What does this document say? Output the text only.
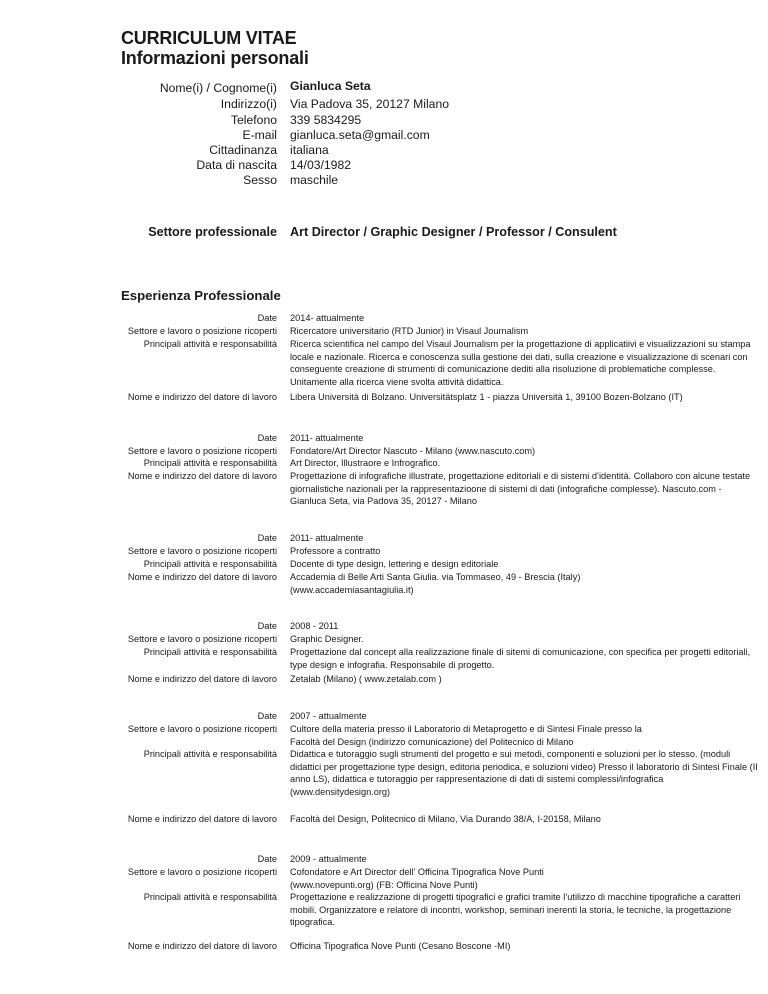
CURRICULUM VITAE
Informazioni personali
Nome(i) / Cognome(i) Gianluca Seta
Indirizzo(i) Via Padova 35, 20127 Milano
Telefono 339 5834295
E-mail gianluca.seta@gmail.com
Cittadinanza italiana
Data di nascita 14/03/1982
Sesso maschile
Settore professionale Art Director / Graphic Designer / Professor / Consulent
Esperienza Professionale
Date 2014- attualmente
Settore e lavoro o posizione ricoperti Ricercatore universitario (RTD Junior) in Visaul Journalism
Principali attività e responsabilità Ricerca scientifica nel campo del Visaul Journalism per la progettazione di applicatiivi e visualizzazioni su stampa locale e nazionale. Ricerca e conoscenza sulla gestione dei dati, sulla creazione e visualizzazione di scenari con conseguente creazione di strumenti di comunicazione dediti alla risoluzione di problematiche complesse. Unitamente alla ricerca viene svolta attività didattica.
Nome e indirizzo del datore di lavoro Libera Università di Bolzano. Universitätsplatz 1 - piazza Università 1, 39100 Bozen-Bolzano (IT)
Date 2011- attualmente
Settore e lavoro o posizione ricoperti Fondatore/Art Director Nascuto - Milano (www.nascuto.com)
Principali attività e responsabilità Art Director, Illustraore e Infrografico.
Nome e indirizzo del datore di lavoro Progettazione di infografiche illustrate, progettazione editoriali e di sistemi d’identità. Collaboro con alcune testate giornalistiche nazionali per la rappresentazioone di sistemi di dati (infografiche complesse). Nascuto.com - Gianluca Seta, via Padova 35, 20127 - Milano
Date 2011- attualmente
Settore e lavoro o posizione ricoperti Professore a contratto
Principali attività e responsabilità Docente di type design, lettering e design editoriale
Nome e indirizzo del datore di lavoro Accademia di Belle Arti Santa Giulia. via Tommaseo, 49 - Brescia (Italy) (www.accademiasantagiulia.it)
Date 2008 - 2011
Settore e lavoro o posizione ricoperti Graphic Designer.
Principali attività e responsabilità Progettazione dal concept alla realizzazione finale di sitemi di comunicazione, con specifica per progetti editoriali, type design e infografia. Responsabile di progetto.
Nome e indirizzo del datore di lavoro Zetalab (Milano) ( www.zetalab.com )
Date 2007 - attualmente
Settore e lavoro o posizione ricoperti Cultore della materia presso il Laboratorio di Metaprogetto e di Sintesi Finale presso la Facoltà del Design (indirizzo comunicazione) del Politecnico di Milano
Principali attività e responsabilità Didattica e tutoraggio sugli strumenti del progetto e sui metodi, componenti e soluzioni per lo stesso. (moduli didattici per progettazione type design, editoria periodica, e soluzioni video) Presso il laboratorio di Sintesi Finale (II anno LS), didattica e tutoraggio per rappresentazione di dati di sistemi complessi/infografica (www.densitydesign.org)
Nome e indirizzo del datore di lavoro Facoltà del Design, Politecnico di Milano, Via Durando 38/A, I-20158, Milano
Date 2009 - attualmente
Settore e lavoro o posizione ricoperti Cofondatore e Art Director dell’ Officina Tipografica Nove Punti (www.novepunti.org) (FB: Officina Nove Punti)
Principali attività e responsabilità Progettazione e realizzazione di progetti tipografici e grafici tramite l’utilizzo di macchine tipografiche a caratteri mobili. Organizzatore e relatore di incontri, workshop, seminari inerenti la storia, le tecniche, la progettazione tipografica.
Nome e indirizzo del datore di lavoro Officina Tipografica Nove Punti (Cesano Boscone -MI)
